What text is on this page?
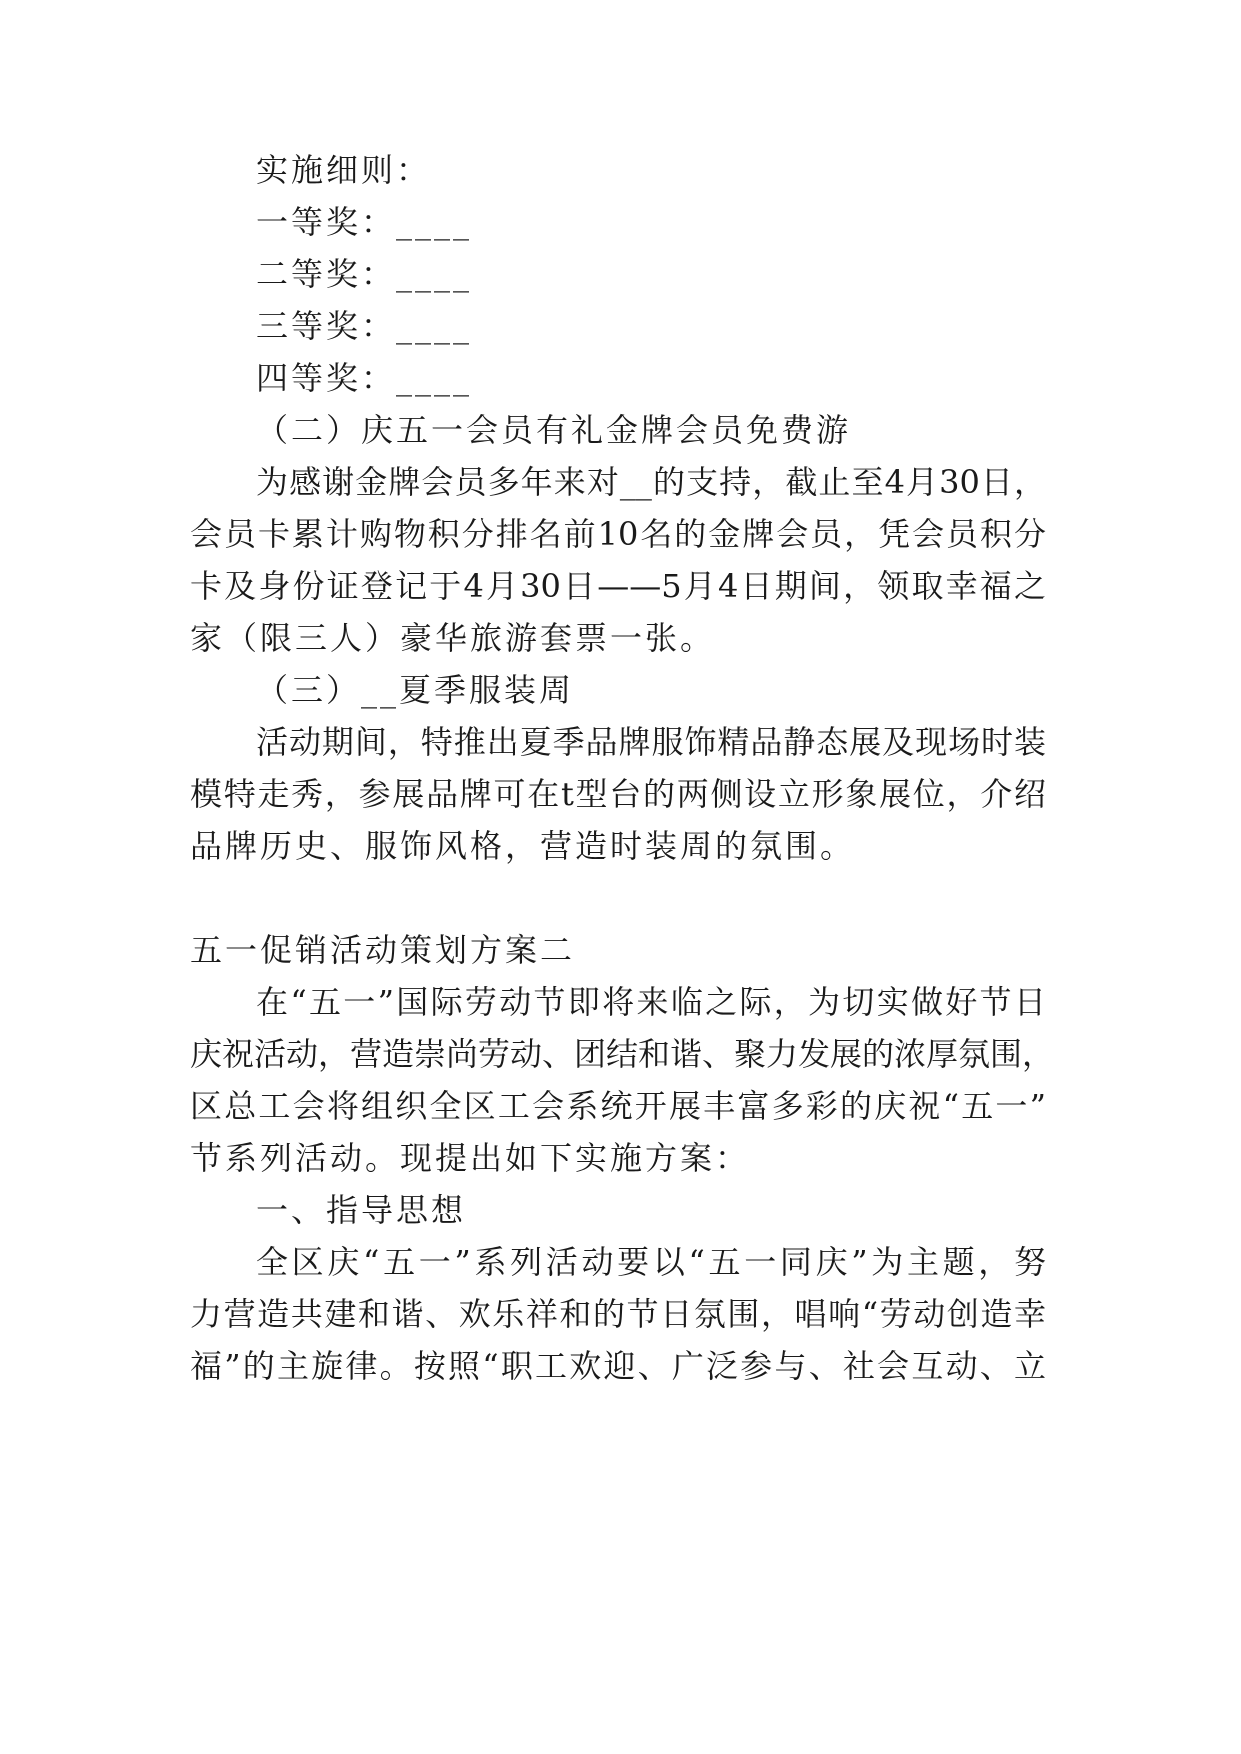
实施细则：
一等奖：____
二等奖：____
三等奖：____
四等奖：____
（二）庆五一会员有礼金牌会员免费游
为感谢金牌会员多年来对__的支持，截止至4月30日，
会员卡累计购物积分排名前10名的金牌会员，凭会员积分
卡及身份证登记于4月30日——5月4日期间，领取幸福之
家（限三人）豪华旅游套票一张。
（三）__夏季服装周
活动期间，特推出夏季品牌服饰精品静态展及现场时装
模特走秀，参展品牌可在t型台的两侧设立形象展位，介绍
品牌历史、服饰风格，营造时装周的氛围。
五一促销活动策划方案二
在“五一”国际劳动节即将来临之际，为切实做好节日
庆祝活动，营造崇尚劳动、团结和谐、聚力发展的浓厚氛围，
区总工会将组织全区工会系统开展丰富多彩的庆祝“五一”
节系列活动。现提出如下实施方案：
一、指导思想
全区庆“五一”系列活动要以“五一同庆”为主题，努
力营造共建和谐、欢乐祥和的节日氛围，唱响“劳动创造幸
福”的主旋律。按照“职工欢迎、广泛参与、社会互动、立
